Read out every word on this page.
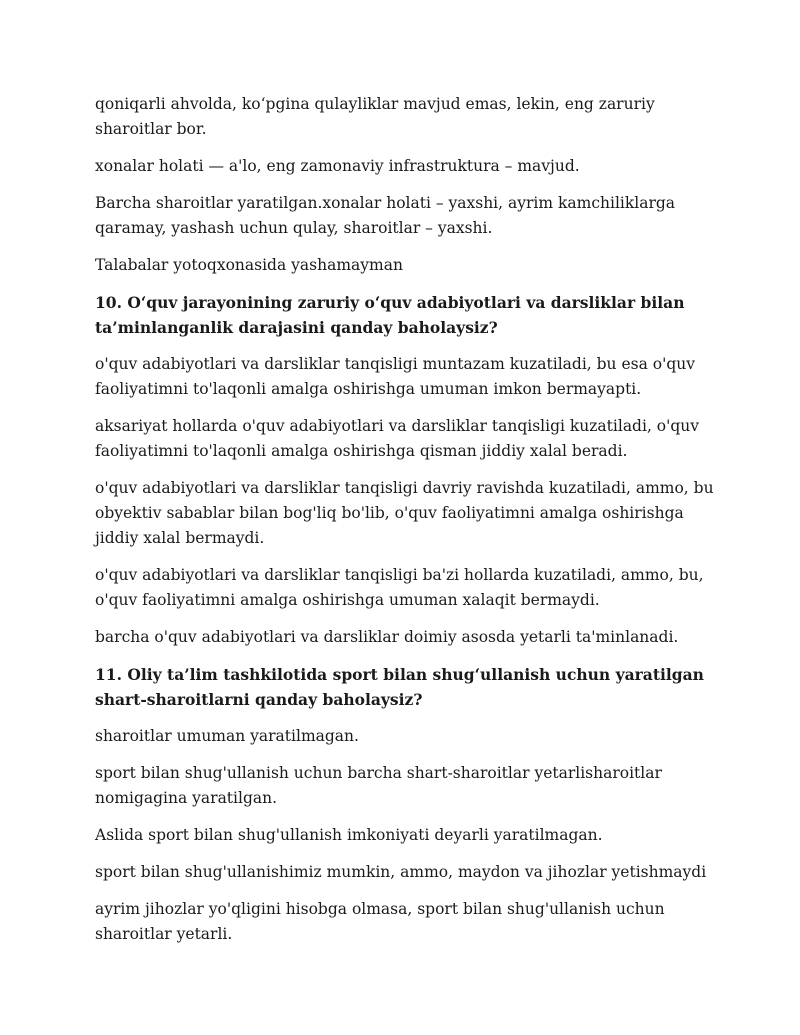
qoniqarli ahvolda, ko‘pgina qulayliklar mavjud emas, lekin, eng zaruriy sharoitlar bor.

xonalar holati — a'lo, eng zamonaviy infrastruktura – mavjud.

Barcha sharoitlar yaratilgan.xonalar holati – yaxshi, ayrim kamchiliklarga qaramay, yashash uchun qulay, sharoitlar – yaxshi.

Talabalar yotoqxonasida yashamayman

10. O‘quv jarayonining zaruriy o‘quv adabiyotlari va darsliklar bilan ta’minlanganlik darajasini qanday baholaysiz?

o'quv adabiyotlari va darsliklar tanqisligi muntazam kuzatiladi, bu esa o'quv faoliyatimni to'laqonli amalga oshirishga umuman imkon bermayapti.

aksariyat hollarda o'quv adabiyotlari va darsliklar tanqisligi kuzatiladi, o'quv faoliyatimni to'laqonli amalga oshirishga qisman jiddiy xalal beradi.

o'quv adabiyotlari va darsliklar tanqisligi davriy ravishda kuzatiladi, ammo, bu obyektiv sabablar bilan bog'liq bo'lib, o'quv faoliyatimni amalga oshirishga jiddiy xalal bermaydi.

o'quv adabiyotlari va darsliklar tanqisligi ba'zi hollarda kuzatiladi, ammo, bu, o'quv faoliyatimni amalga oshirishga umuman xalaqit bermaydi.

barcha o'quv adabiyotlari va darsliklar doimiy asosda yetarli ta'minlanadi.

11. Oliy ta’lim tashkilotida sport bilan shug‘ullanish uchun yaratilgan shart-sharoitlarni qanday baholaysiz?

sharoitlar umuman yaratilmagan.

sport bilan shug'ullanish uchun barcha shart-sharoitlar yetarlisharoitlar nomigagina yaratilgan.

Aslida sport bilan shug'ullanish imkoniyati deyarli yaratilmagan.

sport bilan shug'ullanishimiz mumkin, ammo, maydon va jihozlar yetishmaydi

ayrim jihozlar yo'qligini hisobga olmasa, sport bilan shug'ullanish uchun sharoitlar yetarli.
